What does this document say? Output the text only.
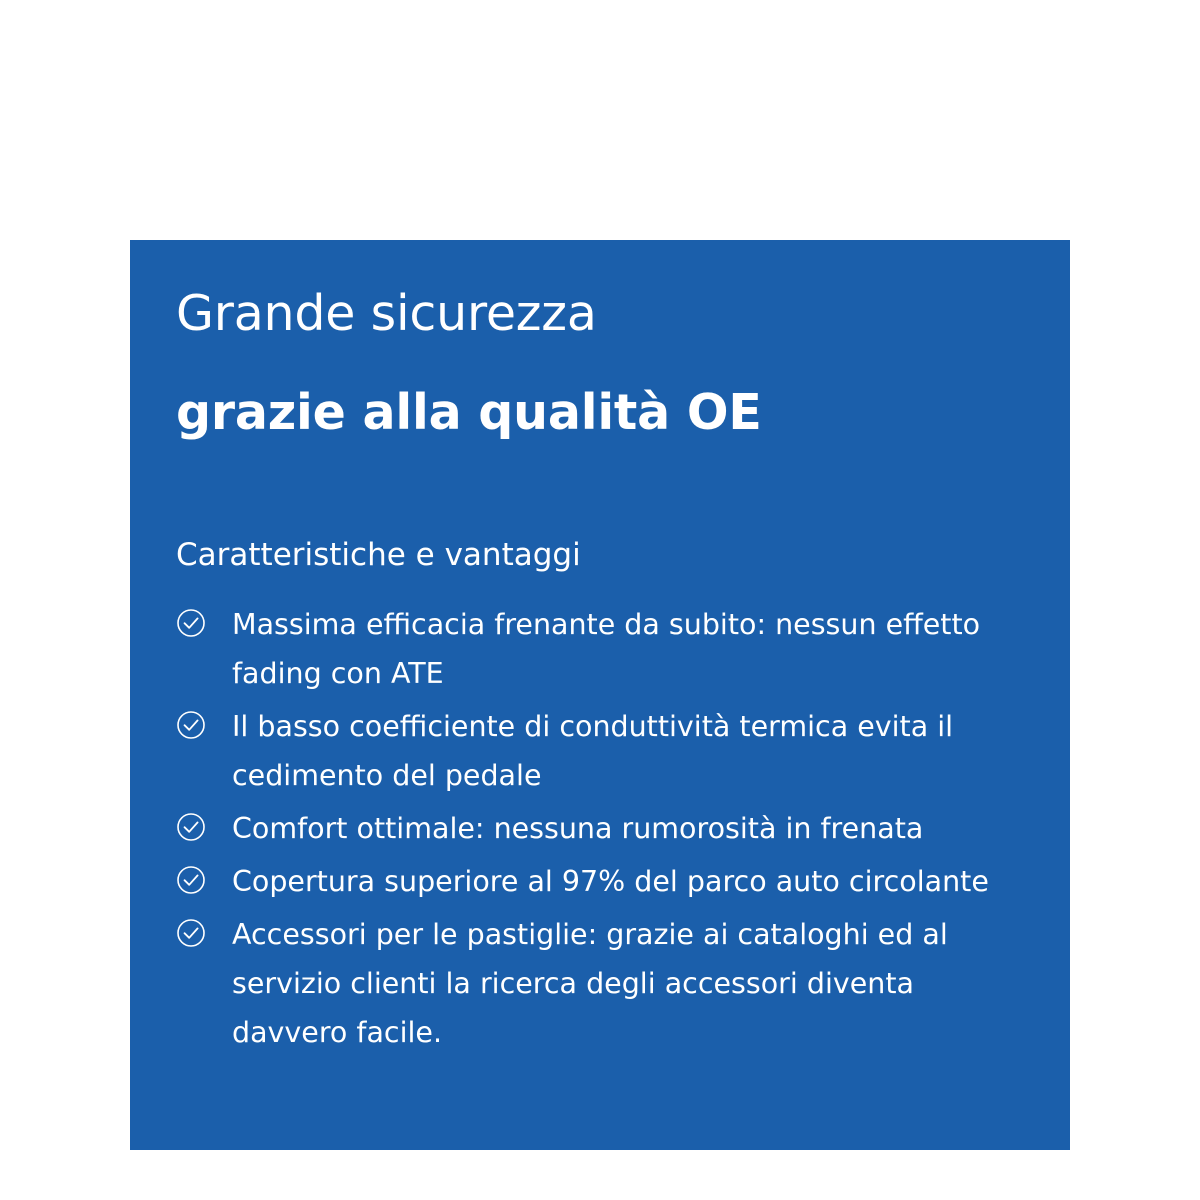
Grande sicurezza
grazie alla qualità OE
Caratteristiche e vantaggi
Massima efficacia frenante da subito: nessun effetto fading con ATE
Il basso coefficiente di conduttività termica evita il cedimento del pedale
Comfort ottimale: nessuna rumorosità in frenata
Copertura superiore al 97% del parco auto circolante
Accessori per le pastiglie: grazie ai cataloghi ed al servizio clienti la ricerca degli accessori diventa davvero facile.
